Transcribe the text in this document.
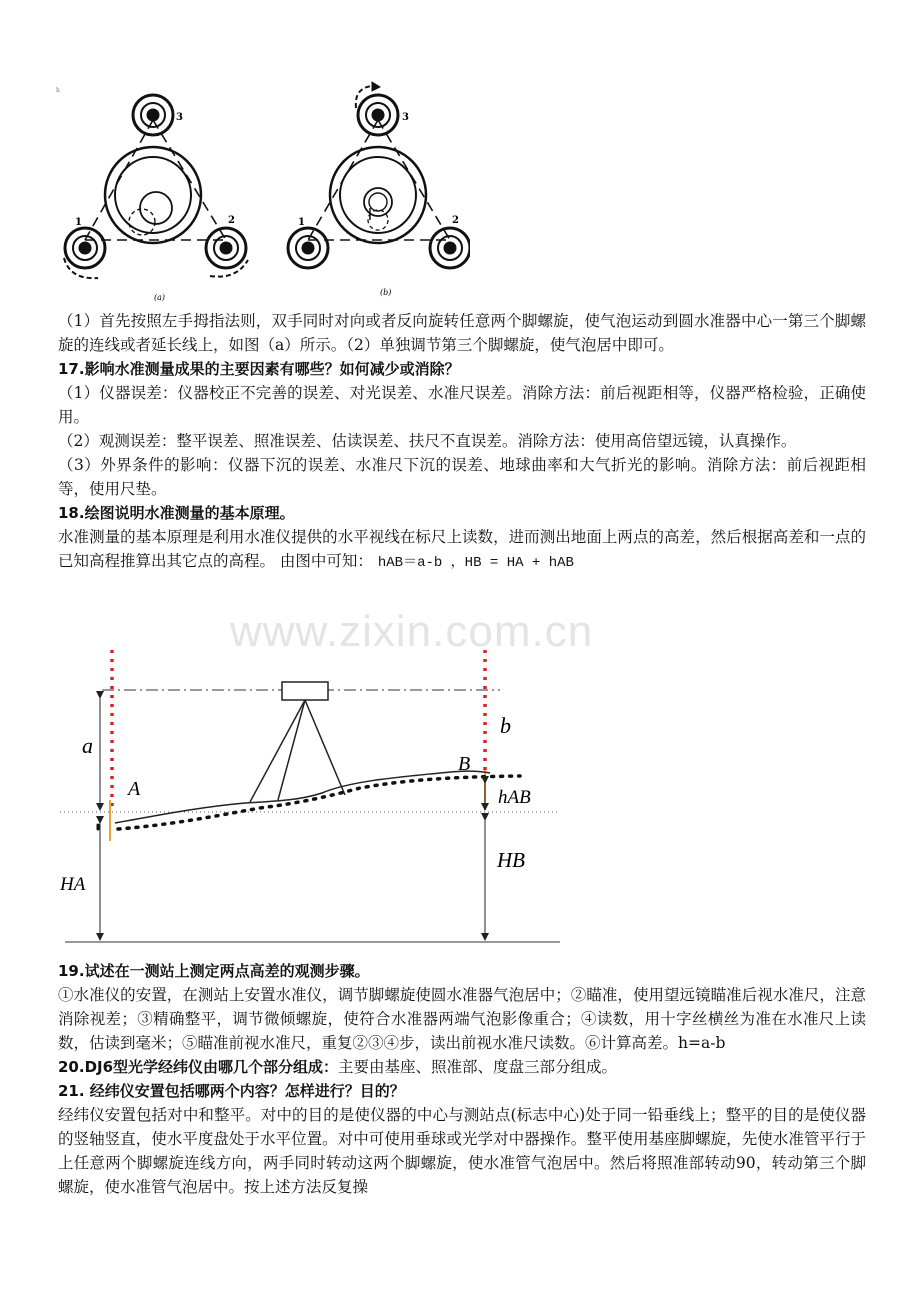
h
3
1	2
(a)
3
1	2
(b)

（1）首先按照左手拇指法则，双手同时对向或者反向旋转任意两个脚螺旋，使气泡运动到圆水准器中心一第三个脚螺旋的连线或者延长线上，如图（a）所示。（2）单独调节第三个脚螺旋，使气泡居中即可。

17.影响水准测量成果的主要因素有哪些？如何减少或消除？

（1）仪器误差：仪器校正不完善的误差、对光误差、水准尺误差。消除方法：前后视距相等，仪器严格检验，正确使用。

（2）观测误差：整平误差、照准误差、估读误差、扶尺不直误差。消除方法：使用高倍望远镜，认真操作。

（3）外界条件的影响：仪器下沉的误差、水准尺下沉的误差、地球曲率和大气折光的影响。消除方法：前后视距相等，使用尺垫。

18.绘图说明水准测量的基本原理。

水准测量的基本原理是利用水准仪提供的水平视线在标尺上读数，进而测出地面上两点的高差，然后根据高差和一点的已知高程推算出其它点的高程。 由图中可知： hAB＝a-b ，HB = HA + hAB

www.zixin.com.cn
a
b
A
B
hAB
HA
HB

19.试述在一测站上测定两点高差的观测步骤。

①水准仪的安置，在测站上安置水准仪，调节脚螺旋使圆水准器气泡居中；②瞄准，使用望远镜瞄准后视水准尺，注意消除视差；③精确整平，调节微倾螺旋，使符合水准器两端气泡影像重合；④读数，用十字丝横丝为准在水准尺上读数，估读到毫米；⑤瞄准前视水准尺，重复②③④步，读出前视水准尺读数。⑥计算高差。h=a-b

20.DJ6型光学经纬仪由哪几个部分组成：主要由基座、照准部、度盘三部分组成。

21. 经纬仪安置包括哪两个内容？怎样进行？目的？

经纬仪安置包括对中和整平。对中的目的是使仪器的中心与测站点(标志中心)处于同一铅垂线上；整平的目的是使仪器的竖轴竖直，使水平度盘处于水平位置。对中可使用垂球或光学对中器操作。整平使用基座脚螺旋，先使水准管平行于上任意两个脚螺旋连线方向，两手同时转动这两个脚螺旋，使水准管气泡居中。然后将照准部转动90，转动第三个脚螺旋，使水准管气泡居中。按上述方法反复操
